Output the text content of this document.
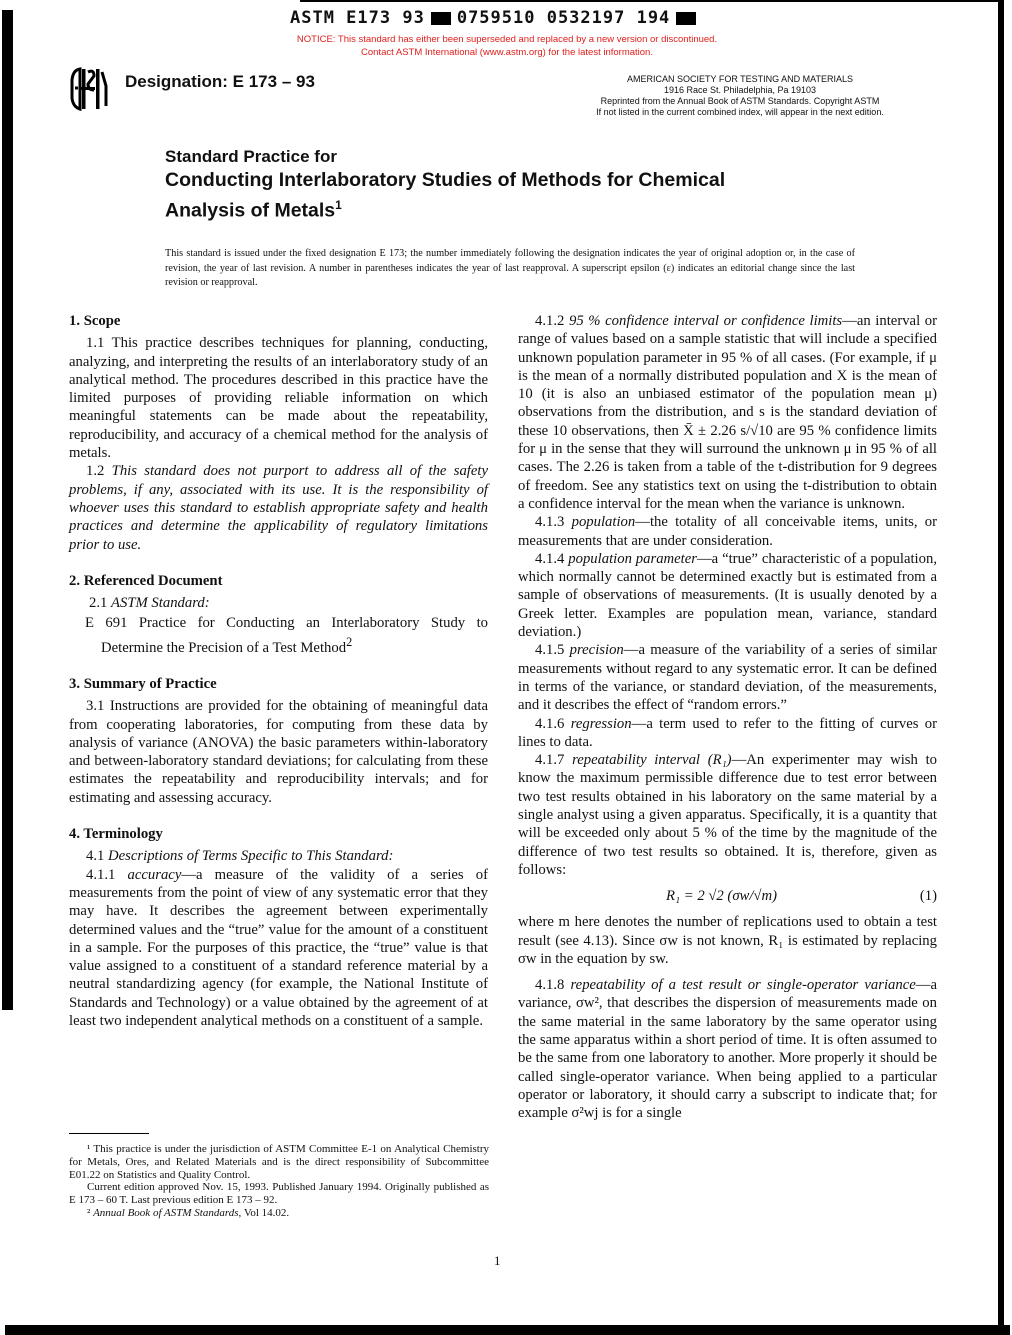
ASTM E173 93 0759510 0532197 194
NOTICE: This standard has either been superseded and replaced by a new version or discontinued.
Contact ASTM International (www.astm.org) for the latest information.
Designation: E 173 – 93	AMERICAN SOCIETY FOR TESTING AND MATERIALS
1916 Race St. Philadelphia, Pa 19103
Reprinted from the Annual Book of ASTM Standards. Copyright ASTM
If not listed in the current combined index, will appear in the next edition.
Standard Practice for
Conducting Interlaboratory Studies of Methods for Chemical
Analysis of Metals$^1$
This standard is issued under the fixed designation E 173; the number immediately following the designation indicates the year of original adoption or, in the case of revision, the year of last revision. A number in parentheses indicates the year of last reapproval. A superscript epsilon (ε) indicates an editorial change since the last revision or reapproval.
1. Scope

1.1 This practice describes techniques for planning, conducting, analyzing, and interpreting the results of an interlaboratory study of an analytical method. The procedures described in this practice have the limited purposes of providing reliable information on which meaningful statements can be made about the repeatability, reproducibility, and accuracy of a chemical method for the analysis of metals.

1.2 This standard does not purport to address all of the safety problems, if any, associated with its use. It is the responsibility of whoever uses this standard to establish appropriate safety and health practices and determine the applicability of regulatory limitations prior to use.

2. Referenced Document

2.1 ASTM Standard:

E 691 Practice for Conducting an Interlaboratory Study to Determine the Precision of a Test Method$^2$

3. Summary of Practice

3.1 Instructions are provided for the obtaining of meaningful data from cooperating laboratories, for computing from these data by analysis of variance (ANOVA) the basic parameters within-laboratory and between-laboratory standard deviations; for calculating from these estimates the repeatability and reproducibility intervals; and for estimating and assessing accuracy.

4. Terminology

4.1 Descriptions of Terms Specific to This Standard:

4.1.1 accuracy—a measure of the validity of a series of measurements from the point of view of any systematic error that they may have. It describes the agreement between experimentally determined values and the “true” value for the amount of a constituent in a sample. For the purposes of this practice, the “true” value is that value assigned to a constituent of a standard reference material by a neutral standardizing agency (for example, the National Institute of Standards and Technology) or a value obtained by the agreement of at least two independent analytical methods on a constituent of a sample.

4.1.2 95 % confidence interval or confidence limits—an interval or range of values based on a sample statistic that will include a specified unknown population parameter in 95 % of all cases. (For example, if μ is the mean of a normally distributed population and X is the mean of 10 (it is also an unbiased estimator of the population mean μ) observations from the distribution, and s is the standard deviation of these 10 observations, then X̄ ± 2.26 s/√10 are 95 % confidence limits for μ in the sense that they will surround the unknown μ in 95 % of all cases. The 2.26 is taken from a table of the t-distribution for 9 degrees of freedom. See any statistics text on using the t-distribution to obtain a confidence interval for the mean when the variance is unknown.

4.1.3 population—the totality of all conceivable items, units, or measurements that are under consideration.

4.1.4 population parameter—a “true” characteristic of a population, which normally cannot be determined exactly but is estimated from a sample of observations of measurements. (It is usually denoted by a Greek letter. Examples are population mean, variance, standard deviation.)

4.1.5 precision—a measure of the variability of a series of similar measurements without regard to any systematic error. It can be defined in terms of the variance, or standard deviation, of the measurements, and it describes the effect of “random errors.”

4.1.6 regression—a term used to refer to the fitting of curves or lines to data.

4.1.7 repeatability interval (R₁)—An experimenter may wish to know the maximum permissible difference due to test error between two test results obtained in his laboratory on the same material by a single analyst using a given apparatus. Specifically, it is a quantity that will be exceeded only about 5 % of the time by the magnitude of the difference of two test results so obtained. It is, therefore, given as follows:

R₁ = 2 √2 (σw/√m)	(1)

where m here denotes the number of replications used to obtain a test result (see 4.13). Since σw is not known, R₁ is estimated by replacing σw in the equation by sw.

4.1.8 repeatability of a test result or single-operator variance—a variance, σw², that describes the dispersion of measurements made on the same material in the same laboratory by the same operator using the same apparatus within a short period of time. It is often assumed to be the same from one laboratory to another. More properly it should be called single-operator variance. When being applied to a particular operator or laboratory, it should carry a subscript to indicate that; for example σ²wj is for a single

¹ This practice is under the jurisdiction of ASTM Committee E-1 on Analytical Chemistry for Metals, Ores, and Related Materials and is the direct responsibility of Subcommittee E01.22 on Statistics and Quality Control.

Current edition approved Nov. 15, 1993. Published January 1994. Originally published as E 173 – 60 T. Last previous edition E 173 – 92.

² Annual Book of ASTM Standards, Vol 14.02.

1
